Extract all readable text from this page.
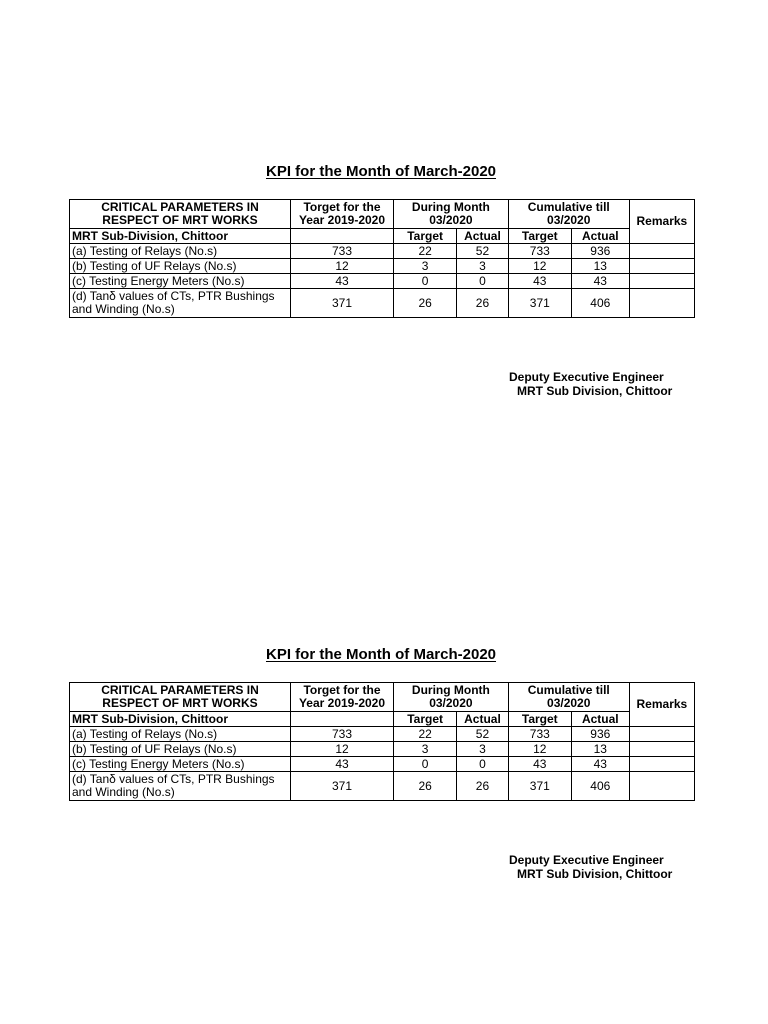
KPI for the Month of March-2020
CRITICAL PARAMETERS IN RESPECT OF MRT WORKS	Torget for the Year 2019-2020	During Month 03/2020		Cumulative till 03/2020		Remarks
MRT Sub-Division, Chittoor		Target	Actual	Target	Actual	
(a) Testing of Relays (No.s)	733	22	52	733	936	
(b) Testing of UF Relays (No.s)	12	3	3	12	13	
(c) Testing Energy Meters (No.s)	43	0	0	43	43	
(d) Tanδ values of CTs, PTR Bushings and Winding (No.s)	371	26	26	371	406	
Deputy Executive Engineer
MRT Sub Division, Chittoor
KPI for the Month of March-2020
CRITICAL PARAMETERS IN RESPECT OF MRT WORKS	Torget for the Year 2019-2020	During Month 03/2020		Cumulative till 03/2020		Remarks
MRT Sub-Division, Chittoor		Target	Actual	Target	Actual	
(a) Testing of Relays (No.s)	733	22	52	733	936	
(b) Testing of UF Relays (No.s)	12	3	3	12	13	
(c) Testing Energy Meters (No.s)	43	0	0	43	43	
(d) Tanδ values of CTs, PTR Bushings and Winding (No.s)	371	26	26	371	406	
Deputy Executive Engineer
MRT Sub Division, Chittoor
